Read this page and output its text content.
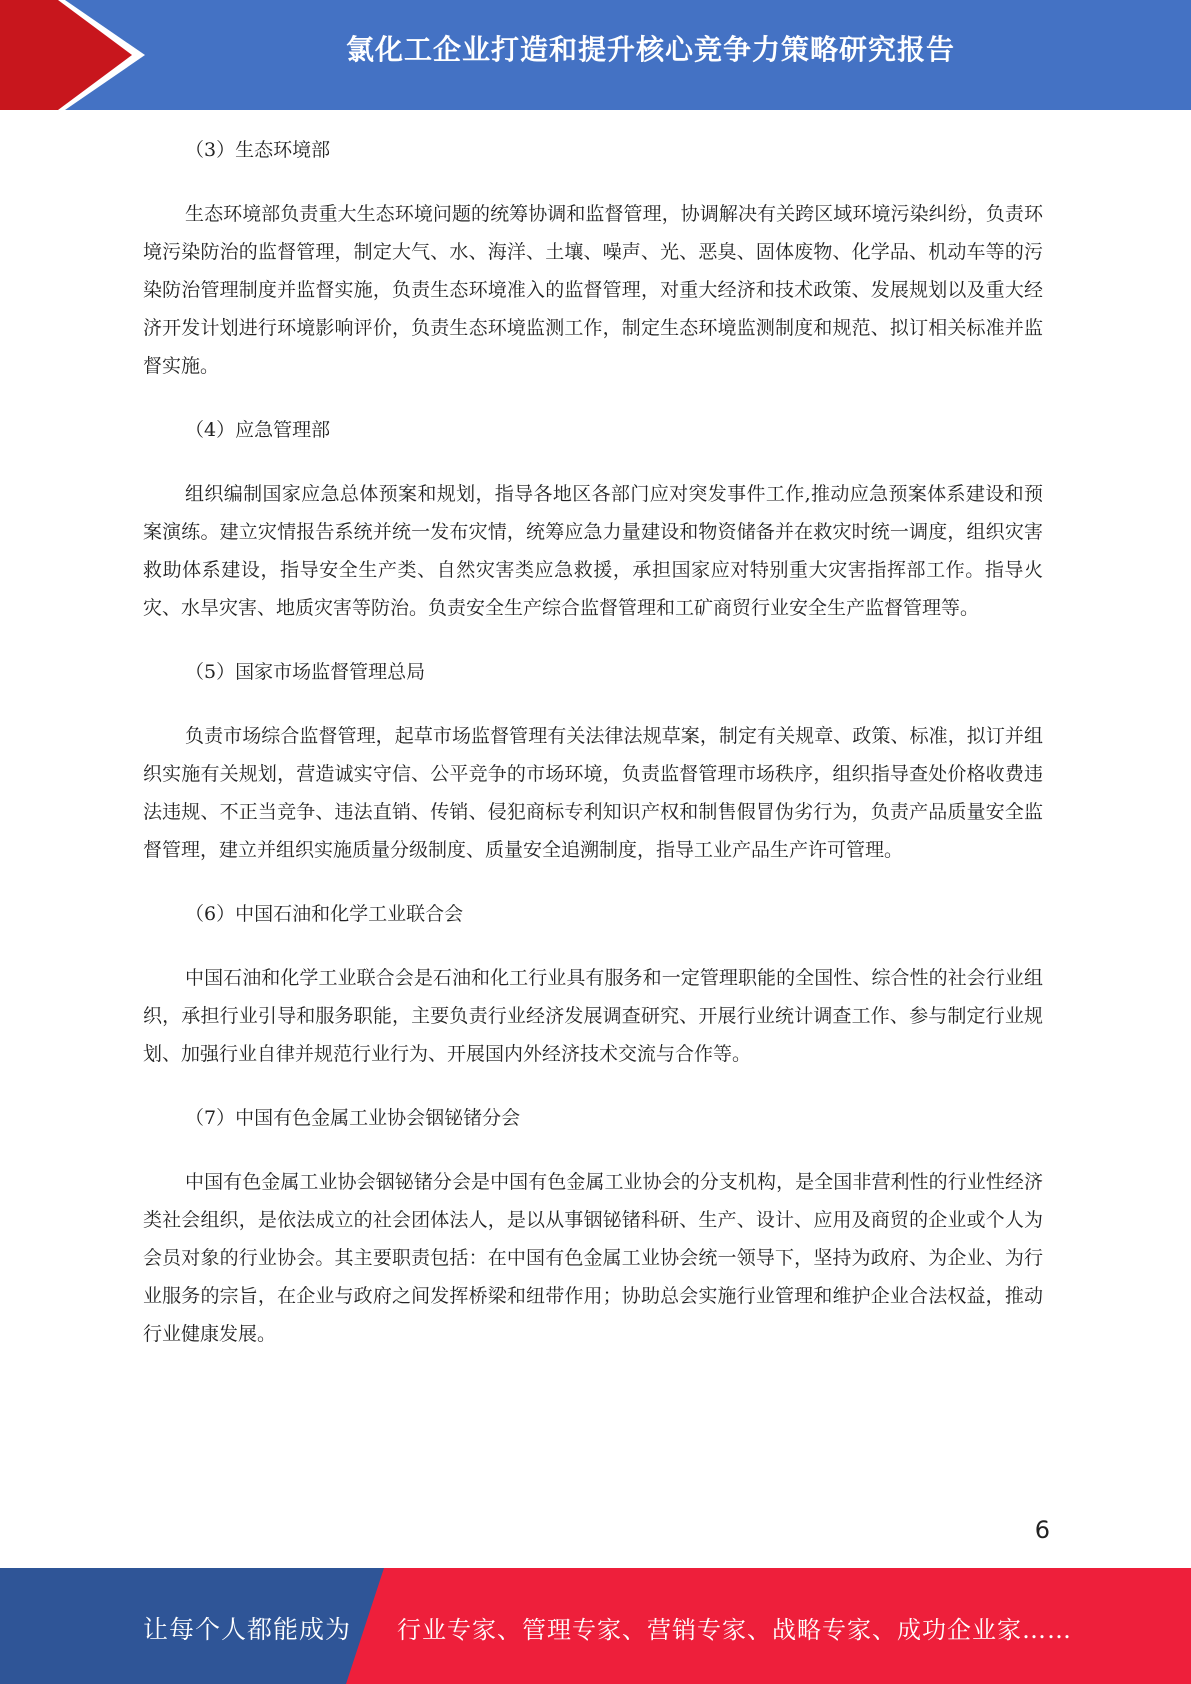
氯化工企业打造和提升核心竞争力策略研究报告
（3）生态环境部

生态环境部负责重大生态环境问题的统筹协调和监督管理，协调解决有关跨区域环境污染纠纷，负责环境污染防治的监督管理，制定大气、水、海洋、土壤、噪声、光、恶臭、固体废物、化学品、机动车等的污染防治管理制度并监督实施，负责生态环境准入的监督管理，对重大经济和技术政策、发展规划以及重大经济开发计划进行环境影响评价，负责生态环境监测工作，制定生态环境监测制度和规范、拟订相关标准并监督实施。

（4）应急管理部

组织编制国家应急总体预案和规划，指导各地区各部门应对突发事件工作,推动应急预案体系建设和预案演练。建立灾情报告系统并统一发布灾情，统筹应急力量建设和物资储备并在救灾时统一调度，组织灾害救助体系建设，指导安全生产类、自然灾害类应急救援，承担国家应对特别重大灾害指挥部工作。指导火灾、水旱灾害、地质灾害等防治。负责安全生产综合监督管理和工矿商贸行业安全生产监督管理等。

（5）国家市场监督管理总局

负责市场综合监督管理，起草市场监督管理有关法律法规草案，制定有关规章、政策、标准，拟订并组织实施有关规划，营造诚实守信、公平竞争的市场环境，负责监督管理市场秩序，组织指导查处价格收费违法违规、不正当竞争、违法直销、传销、侵犯商标专利知识产权和制售假冒伪劣行为，负责产品质量安全监督管理，建立并组织实施质量分级制度、质量安全追溯制度，指导工业产品生产许可管理。

（6）中国石油和化学工业联合会

中国石油和化学工业联合会是石油和化工行业具有服务和一定管理职能的全国性、综合性的社会行业组织，承担行业引导和服务职能，主要负责行业经济发展调查研究、开展行业统计调查工作、参与制定行业规划、加强行业自律并规范行业行为、开展国内外经济技术交流与合作等。

（7）中国有色金属工业协会铟铋锗分会

中国有色金属工业协会铟铋锗分会是中国有色金属工业协会的分支机构，是全国非营利性的行业性经济类社会组织，是依法成立的社会团体法人，是以从事铟铋锗科研、生产、设计、应用及商贸的企业或个人为会员对象的行业协会。其主要职责包括：在中国有色金属工业协会统一领导下，坚持为政府、为企业、为行业服务的宗旨，在企业与政府之间发挥桥梁和纽带作用；协助总会实施行业管理和维护企业合法权益，推动行业健康发展。

6
让每个人都能成为 行业专家、管理专家、营销专家、战略专家、成功企业家……
